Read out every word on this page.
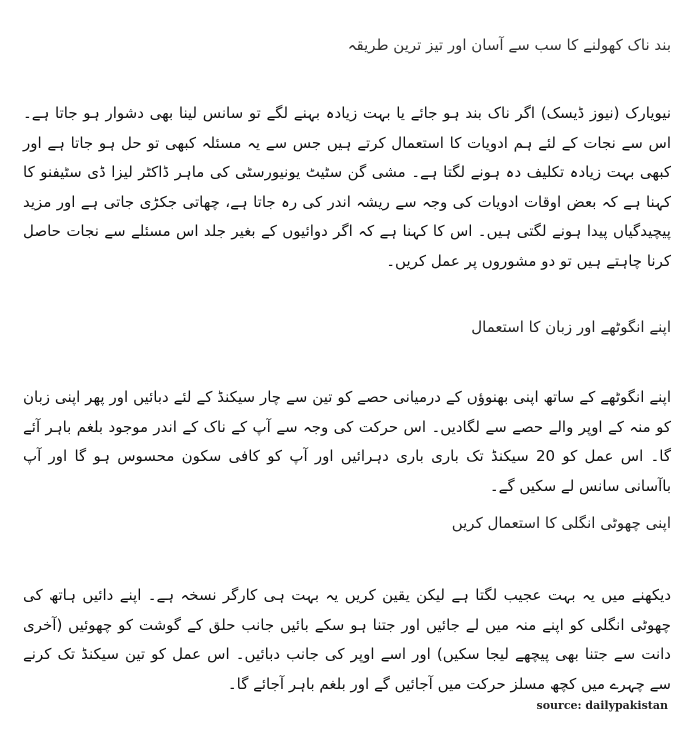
بند ناک کھولنے کا سب سے آسان اور تیز ترین طریقہ

نیویارک (نیوز ڈیسک) اگر ناک بند ہو جائے یا بہت زیادہ بہنے لگے تو سانس لینا بھی دشوار ہو جاتا ہے۔ اس سے نجات کے لئے ہم ادویات کا استعمال کرتے ہیں جس سے یہ مسئلہ کبھی تو حل ہو جاتا ہے اور کبھی بہت زیادہ تکلیف دہ ہونے لگتا ہے۔ مشی گن سٹیٹ یونیورسٹی کی ماہر ڈاکٹر لیزا ڈی سٹیفنو کا کہنا ہے کہ بعض اوقات ادویات کی وجہ سے ریشہ اندر کی رہ جاتا ہے، چھاتی جکڑی جاتی ہے اور مزید پیچیدگیاں پیدا ہونے لگتی ہیں۔ اس کا کہنا ہے کہ اگر دوائیوں کے بغیر جلد اس مسئلے سے نجات حاصل کرنا چاہتے ہیں تو دو مشوروں پر عمل کریں۔

اپنے انگوٹھے اور زبان کا استعمال

اپنے انگوٹھے کے ساتھ اپنی بھنوؤں کے درمیانی حصے کو تین سے چار سیکنڈ کے لئے دبائیں اور پھر اپنی زبان کو منہ کے اوپر والے حصے سے لگادیں۔ اس حرکت کی وجہ سے آپ کے ناک کے اندر موجود بلغم باہر آئے گا۔ اس عمل کو 20 سیکنڈ تک باری باری دہرائیں اور آپ کو کافی سکون محسوس ہو گا اور آپ باآسانی سانس لے سکیں گے۔

اپنی چھوٹی انگلی کا استعمال کریں

دیکھنے میں یہ بہت عجیب لگتا ہے لیکن یقین کریں یہ بہت ہی کارگر نسخہ ہے۔ اپنے دائیں ہاتھ کی چھوٹی انگلی کو اپنے منہ میں لے جائیں اور جتنا ہو سکے بائیں جانب حلق کے گوشت کو چھوئیں (آخری دانت سے جتنا بھی پیچھے لیجا سکیں) اور اسے اوپر کی جانب دبائیں۔ اس عمل کو تین سیکنڈ تک کرنے سے چہرے میں کچھ مسلز حرکت میں آجائیں گے اور بلغم باہر آجائے گا۔

source: dailypakistan
